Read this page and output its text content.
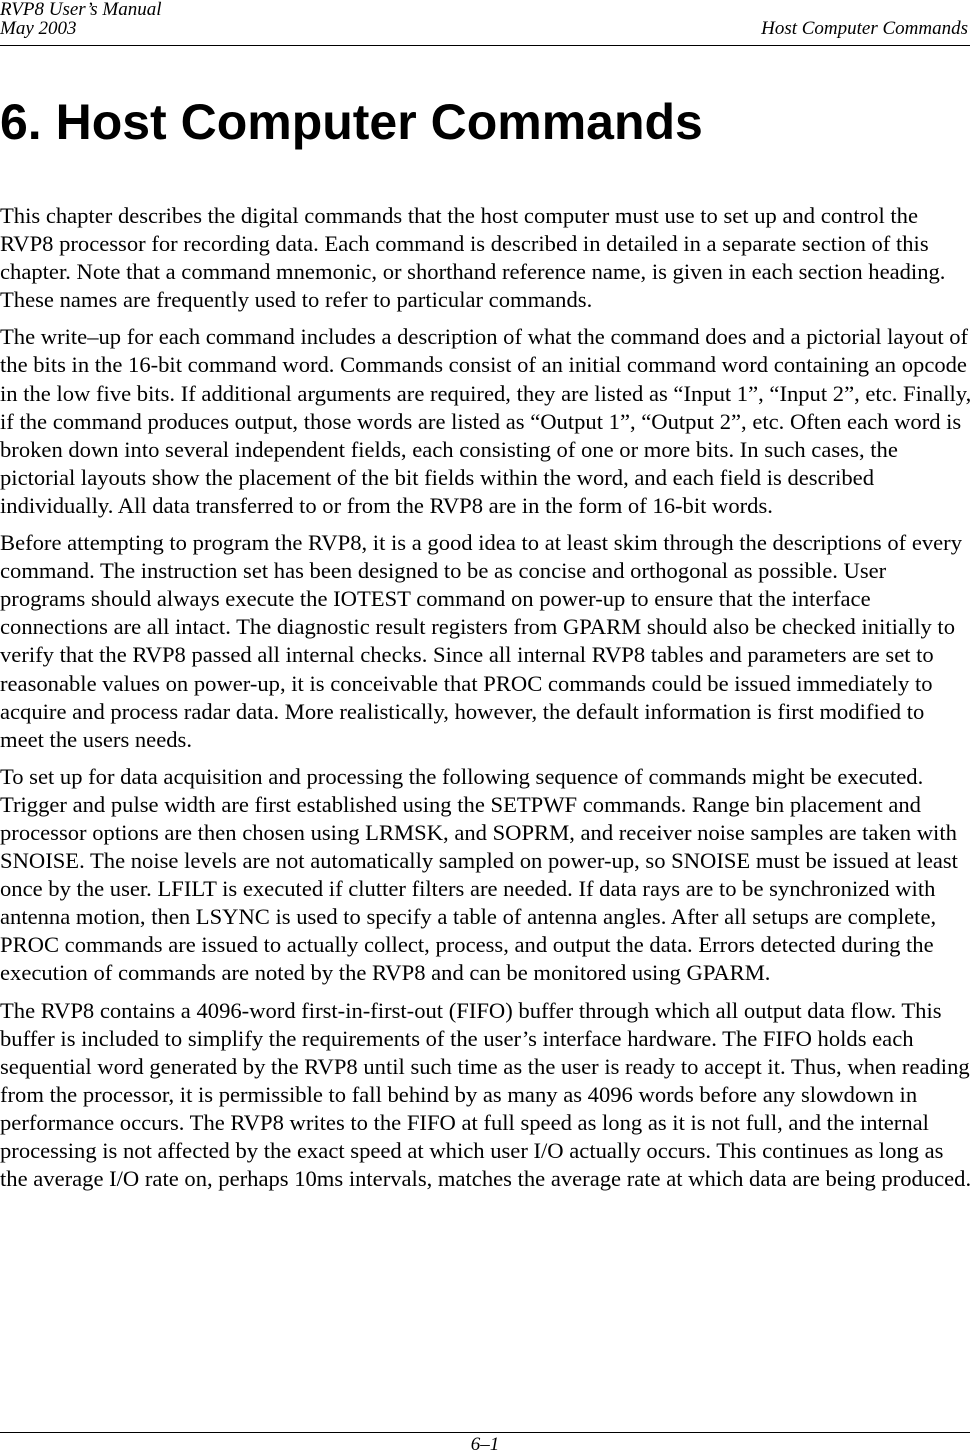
RVP8 User’s Manual
May 2003	Host Computer Commands
6. Host Computer Commands

This chapter describes the digital commands that the host computer must use to set up and control the RVP8 processor for recording data. Each command is described in detailed in a separate section of this chapter. Note that a command mnemonic, or shorthand reference name, is given in each section heading. These names are frequently used to refer to particular commands.

The write–up for each command includes a description of what the command does and a pictorial layout of the bits in the 16-bit command word. Commands consist of an initial command word containing an opcode in the low five bits. If additional arguments are required, they are listed as “Input 1”, “Input 2”, etc. Finally, if the command produces output, those words are listed as “Output 1”, “Output 2”, etc. Often each word is broken down into several independent fields, each consisting of one or more bits. In such cases, the pictorial layouts show the placement of the bit fields within the word, and each field is described individually. All data transferred to or from the RVP8 are in the form of 16-bit words.

Before attempting to program the RVP8, it is a good idea to at least skim through the descriptions of every command. The instruction set has been designed to be as concise and orthogonal as possible. User programs should always execute the IOTEST command on power-up to ensure that the interface connections are all intact. The diagnostic result registers from GPARM should also be checked initially to verify that the RVP8 passed all internal checks. Since all internal RVP8 tables and parameters are set to reasonable values on power-up, it is conceivable that PROC commands could be issued immediately to acquire and process radar data. More realistically, however, the default information is first modified to meet the users needs.

To set up for data acquisition and processing the following sequence of commands might be executed. Trigger and pulse width are first established using the SETPWF commands. Range bin placement and processor options are then chosen using LRMSK, and SOPRM, and receiver noise samples are taken with SNOISE. The noise levels are not automatically sampled on power-up, so SNOISE must be issued at least once by the user. LFILT is executed if clutter filters are needed. If data rays are to be synchronized with antenna motion, then LSYNC is used to specify a table of antenna angles. After all setups are complete, PROC commands are issued to actually collect, process, and output the data. Errors detected during the execution of commands are noted by the RVP8 and can be monitored using GPARM.

The RVP8 contains a 4096-word first-in-first-out (FIFO) buffer through which all output data flow. This buffer is included to simplify the requirements of the user’s interface hardware. The FIFO holds each sequential word generated by the RVP8 until such time as the user is ready to accept it. Thus, when reading from the processor, it is permissible to fall behind by as many as 4096 words before any slowdown in performance occurs. The RVP8 writes to the FIFO at full speed as long as it is not full, and the internal processing is not affected by the exact speed at which user I/O actually occurs. This continues as long as the average I/O rate on, perhaps 10ms intervals, matches the average rate at which data are being produced.

6–1
